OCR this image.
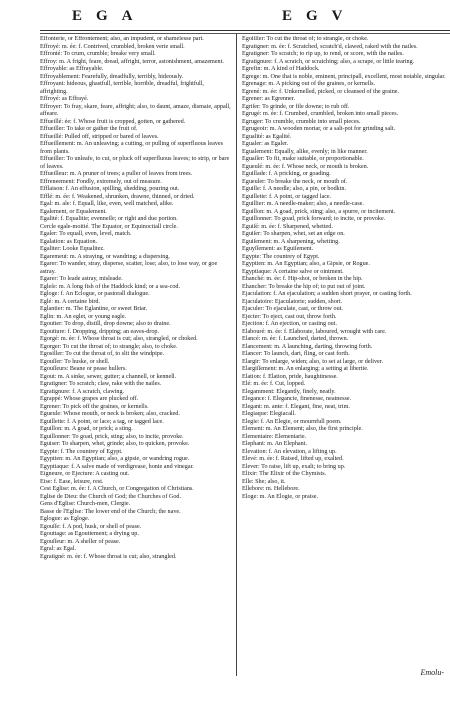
EGA	EGV
Effonterie, or Effrontement; also, an impudent, or shamelesse part.
Effroyé: m. ée: f. Contrived, crumbled, broken verie small.
Effronté: To crum, crumble; breake very small.
Effroy: m. A fright, feare, dread, affright, terror, astonishment, amazement.
Effroyable: as Effrayable.
Effroyablement: Fearefully, dreadfully, terribly, hideously.
Effroyant: hideous, ghastfull, terrible, horrible, dreadful, frightfull, affrighting.
Effroyé: as Effrayé.
Effroyer: To fray, skare, feare, affright; also, to daunt, amaze, dismaie, appall, affeare.
Effueillé: ée: f. Whose fruit is cropped, gotten, or gathered.
Effueiller: To take or gather the fruit of.
Effueillé: Pulled off, stripped or bared of leaves.
Effueillement: m. An unleaving; a cutting, or pulling of superfluous leaves from plants.
Effueiller: To unleafe, to cut, or pluck off superfluous leaves; to strip, or bare of leaves.
Effueilleur: m. A pruner of trees; a puller of leaves from trees.
Effreneement: Fondly, extremely, out of measure.
Efflaison: f. An effusion, spilling, shedding, pouring out.
Efflé: m. ée: f. Weakened, shrunken, drawne, thinned, or dried.
Egal: m. ale: f. Equall, like, even, well matched, alike.
Egalement, or Equalement.
Egalité: f. Equalitie; evenneſſe; or right and due portion.
Cercle egale-moitié. The Equator, or Equinoctiall circle.
Egaler: To equall, even, level, match.
Egalation: as Equation.
Egaliter: Looke Equalitez.
Egaremeut: m. A straying, or wandring; a dispersing.
Egarer: To wander, stray, disperse, scatter, lose; also, to lose way, or goe astray.
Egarer: To leade astray, misleade.
Egleſe: m. A long fish of the Haddock kind; or a sea-cod.
Egloge: f. An Eclogue, or pastorall dialogue.
Eglé: m. A certaine bird.
Eglantier: m. The Eglantine, or sweet Briar.
Eglin: m. An eglet, or young eagle.
Egoutter: To drop, distill, drop downe; also to draine.
Egoutture: f. Dropping, dripping; an eaves-drop.
Egorgé: m. ée: f. Whose throat is cut; also, strangled, or choked.
Egorger: To cut the throat of; to strangle; also, to choke.
Egosiller: To cut the throat of, to slit the windpipe.
Egouſſer: To huske, or shell.
Egouſſeurs: Beane or pease hullers.
Egout: m. A sinke, sewer, gutter; a channell, or kennell.
Egratigner: To scratch; claw, rake with the nailes.
Egratignure: f. A scratch, clawing.
Egrappé: Whose grapes are plucked off.
Egrener: To pick off the graines, or kernells.
Egueule: Whose mouth, or neck is broken; also, cracked.
Eguillette: f. A point, or lace; a tag, or tagged lace.
Eguillon: m. A goad, or prick; a sting.
Eguillonner: To goad, prick, sting; also, to incite, provoke.
Eguiser: To sharpen, whet, grinde; also, to quicken, provoke.
Egypte: f. The countrey of Egypt.
Egyptien: m. An Egyptian; also, a gipsie, or wandring rogue.
Egyptiaque: f. A salve made of verdigrease, honie and vinegar.
Eigneure, or Ejecture: A casting out.
Eise: f. Ease, leisure, rest.
Cest Eglise: m. ée: f. A Church, or Congregation of Christians.
Eglise de Dieu: the Church of God; the Churches of God.
Gens d'Eglise: Church-men, Clergie.
Basse de l'Eglise: The lower end of the Church; the nave.
Eglogue: as Egloge.
Egouſſe: f. A pod, husk, or shell of pease.
Egouttage: as Egouttement; a drying up.
Egouſſeur: m. A sheller of pease.
Egral: as Egal.
Egratigné: m. ée: f. Whose throat is cut; also, strangled.
Egoſiller: To cut the throat of; to strangle, or choke.
Egratigner: m. ée: f. Scratched, scratch'd, clawed, raked with the nailes.
Egratigner: To scratch; to rip up, to rend, or score, with the nailes.
Egratignure: f. A scratch, or scratching; also, a scrape, or little tearing.
Egrefin: m. A kind of Haddock.
Egrege: m. One that is noble, eminent, principall, excellent, most notable, singular.
Egrenage: m. A picking out of the graines, or kernells.
Egrené: m. ée: f. Unkernelled, picked, or cleansed of the graine.
Egrener: as Egrenner.
Egriſer: To grinde, or file downe; to rub off.
Egrugé: m. ée: f. Crumbed, crumbled, broken into small pieces.
Egruger: To crumble, crumble into small pieces.
Egrugeoir: m. A wooden mortar, or a salt-pot for grinding salt.
Egualité: as Egalité.
Egualer: as Egaler.
Egualement: Equally, alike, evenly; in like manner.
Eguaſſer: To fit, make suitable, or proportionable.
Egueulé: m. ée: f. Whose neck, or mouth is broken.
Eguillade: f. A pricking, or goading.
Egueuler: To breake the neck, or mouth of.
Eguille: f. A needle; also, a pin, or bodkin.
Eguillette: f. A point, or tagged lace.
Eguillier: m. A needle-maker; also, a needle-case.
Eguillon: m. A goad, prick, sting; also, a spurre, or incitement.
Eguillonner: To goad, prick forward; to incite, or provoke.
Eguiſé: m. ée: f. Sharpened, whetted.
Eguiſer: To sharpen, whet, set an edge on.
Eguiſement: m. A sharpening, whetting.
Eguyſſement: as Eguiſement.
Egypte: The countrey of Egypt.
Egyptien: m. An Egyptian; also, a Gipsie, or Rogue.
Egyptiaque: A certaine salve or ointment.
Ehanché: m. ée: f. Hip-shot, or broken in the hip.
Ehancher: To breake the hip of; to put out of joint.
Ejaculation: f. An ejaculation; a sudden short prayer, or casting forth.
Ejaculatoire: Ejaculatorie; sudden, short.
Ejaculer: To ejaculate, cast, or throw out.
Ejecter: To eject, cast out, throw forth.
Ejection: f. An ejection, or casting out.
Elabouré: m. ée: f. Elaborate, laboured, wrought with care.
Elancé: m. ée: f. Launched, darted, thrown.
Elancement: m. A launching, darting, throwing forth.
Elancer: To launch, dart, fling, or cast forth.
Elargir: To enlarge, widen; also, to set at large, or deliver.
Elargiſſement: m. An enlarging; a setting at libertie.
Elation: f. Elation, pride, haughtinesse.
Elé: m. ée: f. Cut, lopped.
Elegamment: Elegantly, finely, neatly.
Elegance: f. Elegancie, finenesse, neatnesse.
Elegant: m. ante: f. Elegant, fine, neat, trim.
Elegiaque: Elegiacall.
Elegie: f. An Elegie, or mournfull poem.
Element: m. An Element; also, the first principle.
Elementaire: Elementarie.
Elephant: m. An Elephant.
Elevation: f. An elevation, a lifting up.
Elevé: m. ée: f. Raised, lifted up, exalted.
Elever: To raise, lift up, exalt; to bring up.
Elixir: The Elixir of the Chymists.
Elle: She; also, it.
Ellebore: m. Hellebore.
Eloge: m. An Elogie, or praise.
Emolu-
